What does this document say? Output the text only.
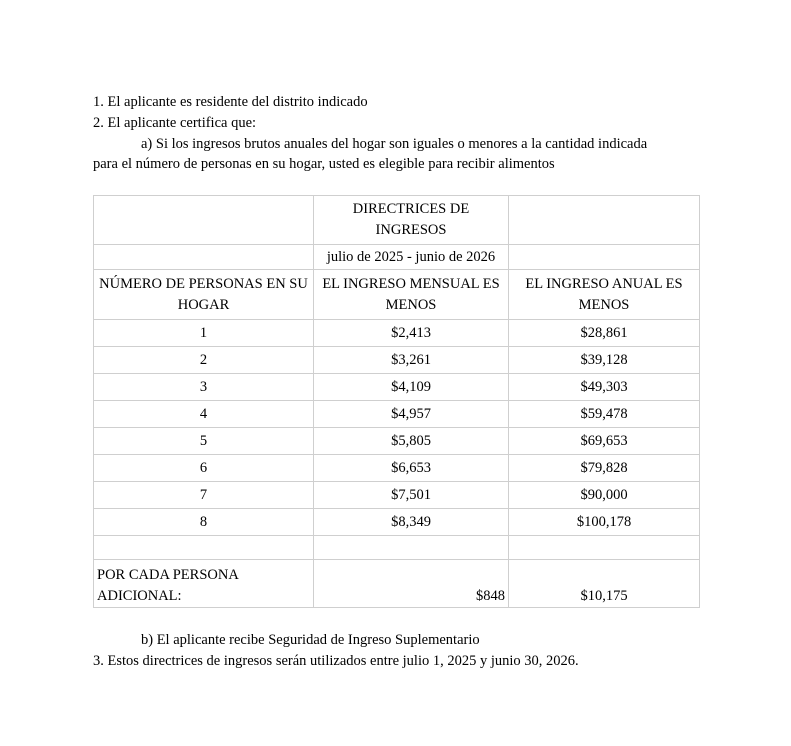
1. El aplicante es residente del distrito indicado
2. El aplicante certifica que:
a) Si los ingresos brutos anuales del hogar son iguales o menores a la cantidad indicada
para el número de personas en su hogar, usted es elegible para recibir alimentos
	DIRECTRICES DE INGRESOS	
	julio de 2025 - junio de 2026	
NÚMERO DE PERSONAS EN SU HOGAR	EL INGRESO MENSUAL ES MENOS	EL INGRESO ANUAL ES MENOS
1	$2,413	$28,861
2	$3,261	$39,128
3	$4,109	$49,303
4	$4,957	$59,478
5	$5,805	$69,653
6	$6,653	$79,828
7	$7,501	$90,000
8	$8,349	$100,178

POR CADA PERSONA ADICIONAL:	$848	$10,175
b) El aplicante recibe Seguridad de Ingreso Suplementario
3. Estos directrices de ingresos serán utilizados entre julio 1, 2025 y junio 30, 2026.
